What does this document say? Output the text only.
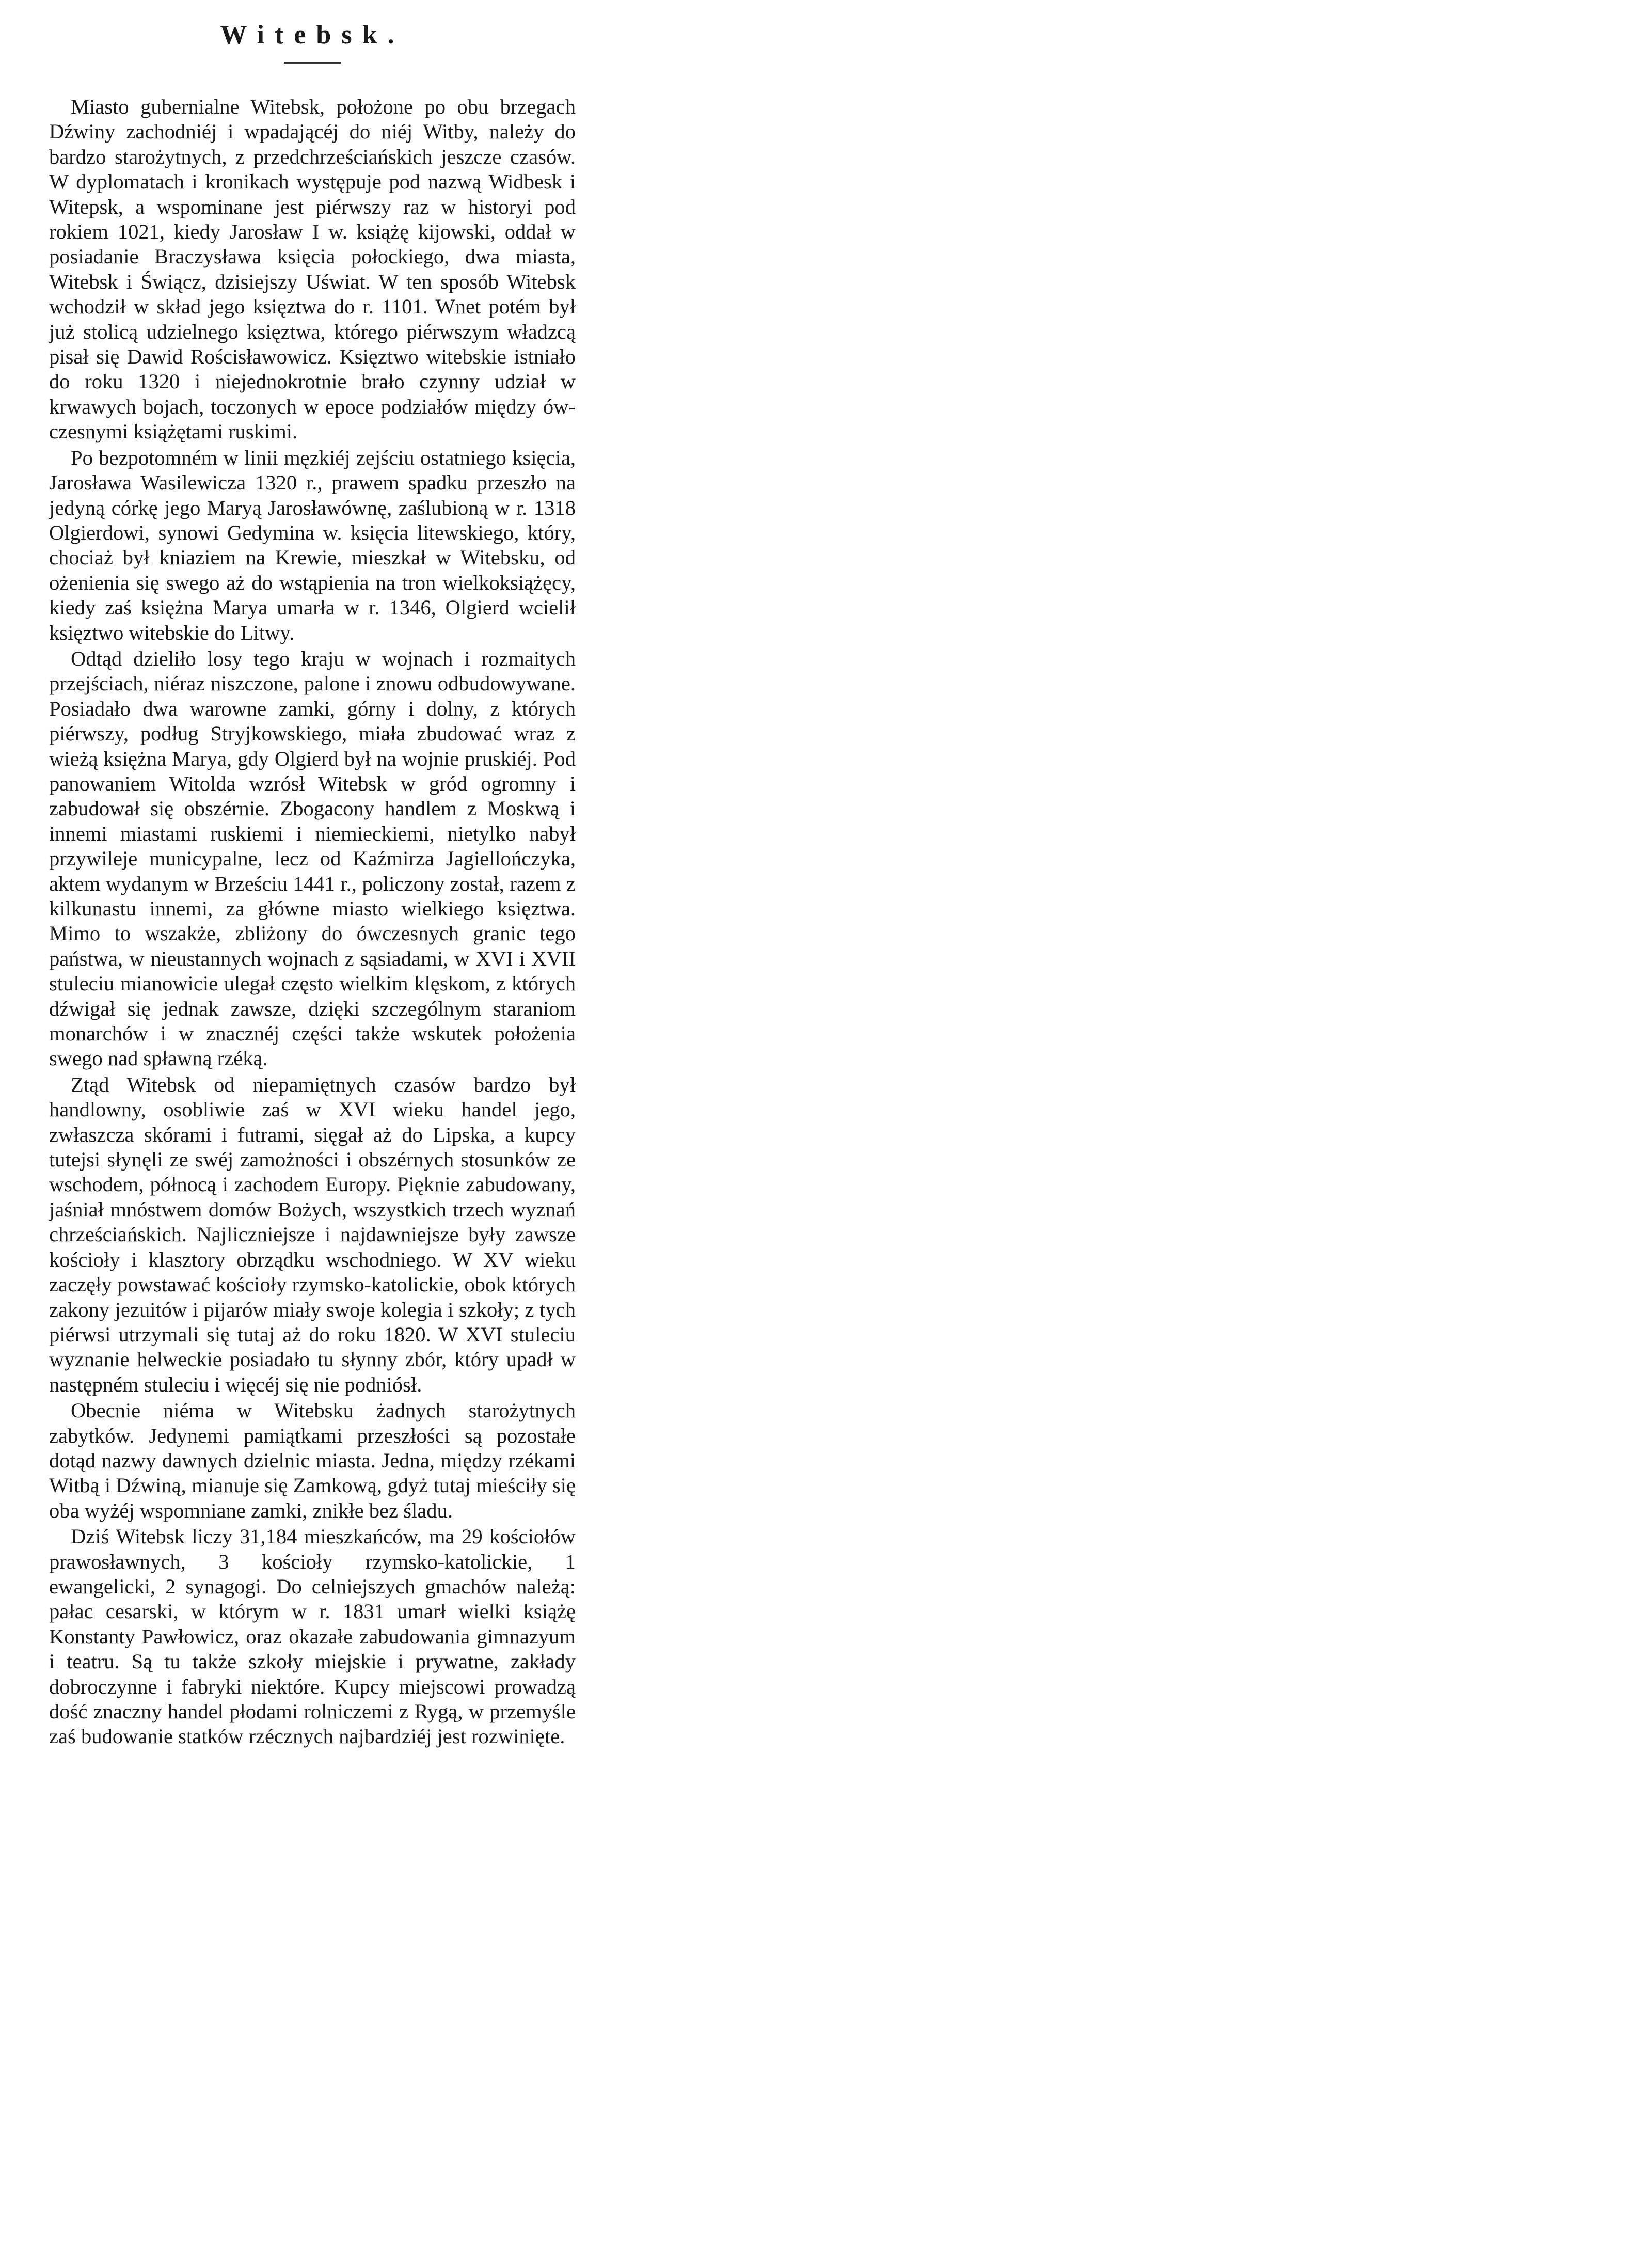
Witebsk.

Miasto gubernialne Witebsk, położone po obu brzegach Dźwiny zachodniéj i wpadającéj do niéj Witby, należy do bardzo starożytnych, z przedchrześciańskich jeszcze czasów. W dyplomatach i kronikach występuje pod nazwą Widbesk i Witepsk, a wspominane jest piérwszy raz w historyi pod rokiem 1021, kiedy Jarosław I w. książę kijowski, oddał w posiadanie Braczysława księcia połockiego, dwa miasta, Witebsk i Świącz, dzisiejszy Uświat. W ten sposób Witebsk wchodził w skład jego księztwa do r. 1101. Wnet potém był już stolicą udzielnego księztwa, którego piérwszym władzcą pisał się Dawid Rościsławowicz. Księztwo witebskie istniało do roku 1320 i niejednokrotnie brało czynny udział w krwawych bojach, toczonych w epoce podziałów między ówczesnymi książętami ruskimi.

Po bezpotomném w linii męzkiéj zejściu ostatniego księcia, Jarosława Wasilewicza 1320 r., prawem spadku przeszło na jedyną córkę jego Maryą Jarosławównę, zaślubioną w r. 1318 Olgierdowi, synowi Gedymina w. księcia litewskiego, który, chociaż był kniaziem na Krewie, mieszkał w Witebsku, od ożenienia się swego aż do wstąpienia na tron wielkoksiążęcy, kiedy zaś księżna Marya umarła w r. 1346, Olgierd wcielił księztwo witebskie do Litwy.

Odtąd dzieliło losy tego kraju w wojnach i rozmaitych przejściach, niéraz niszczone, palone i znowu odbudowywane. Posiadało dwa warowne zamki, górny i dolny, z których piérwszy, podług Stryjkowskiego, miała zbudować wraz z wieżą księżna Marya, gdy Olgierd był na wojnie pruskiéj. Pod panowaniem Witolda wzrósł Witebsk w gród ogromny i zabudował się obszérnie. Zbogacony handlem z Moskwą i innemi miastami ruskiemi i niemieckiemi, nietylko nabył przywileje municypalne, lecz od Kaźmirza Jagiellończyka, aktem wydanym w Brześciu 1441 r., policzony został, razem z kilkunastu innemi, za główne miasto wielkiego księztwa. Mimo to wszakże, zbliżony do ówczesnych granic tego państwa, w nieustannych wojnach z sąsiadami, w XVI i XVII stuleciu mianowicie ulegał często wielkim klęskom, z których dźwigał się jednak zawsze, dzięki szczególnym staraniom monarchów i w znacznéj części także wskutek położenia swego nad spławną rzéką.

Ztąd Witebsk od niepamiętnych czasów bardzo był handlowny, osobliwie zaś w XVI wieku handel jego, zwłaszcza skórami i futrami, sięgał aż do Lipska, a kupcy tutejsi słynęli ze swéj zamożności i obszérnych stosunków ze wschodem, północą i zachodem Europy. Pięknie zabudowany, jaśniał mnóstwem domów Bożych, wszystkich trzech wyznań chrześciańskich. Najliczniejsze i najdawniejsze były zawsze kościoły i klasztory obrządku wschodniego. W XV wieku zaczęły powstawać kościoły rzymsko-katolickie, obok których zakony jezuitów i pijarów miały swoje kolegia i szkoły; z tych piérwsi utrzymali się tutaj aż do roku 1820. W XVI stuleciu wyznanie helweckie posiadało tu słynny zbór, który upadł w następném stuleciu i więcéj się nie podniósł.

Obecnie niéma w Witebsku żadnych starożytnych zabytków. Jedynemi pamiątkami przeszłości są pozostałe dotąd nazwy dawnych dzielnic miasta. Jedna, między rzékami Witbą i Dźwiną, mianuje się Zamkową, gdyż tutaj mieściły się oba wyżéj wspomniane zamki, znikłe bez śladu.

Dziś Witebsk liczy 31,184 mieszkańców, ma 29 kościołów prawosławnych, 3 kościoły rzymsko-katolickie, 1 ewangelicki, 2 synagogi. Do celniejszych gmachów należą: pałac cesarski, w którym w r. 1831 umarł wielki książę Konstanty Pawłowicz, oraz okazałe zabudowania gimnazyum i teatru. Są tu także szkoły miejskie i prywatne, zakłady dobroczynne i fabryki niektóre. Kupcy miejscowi prowadzą dość znaczny handel płodami rolniczemi z Rygą, w przemyśle zaś budowanie statków rzécznych najbardziéj jest rozwinięte.
